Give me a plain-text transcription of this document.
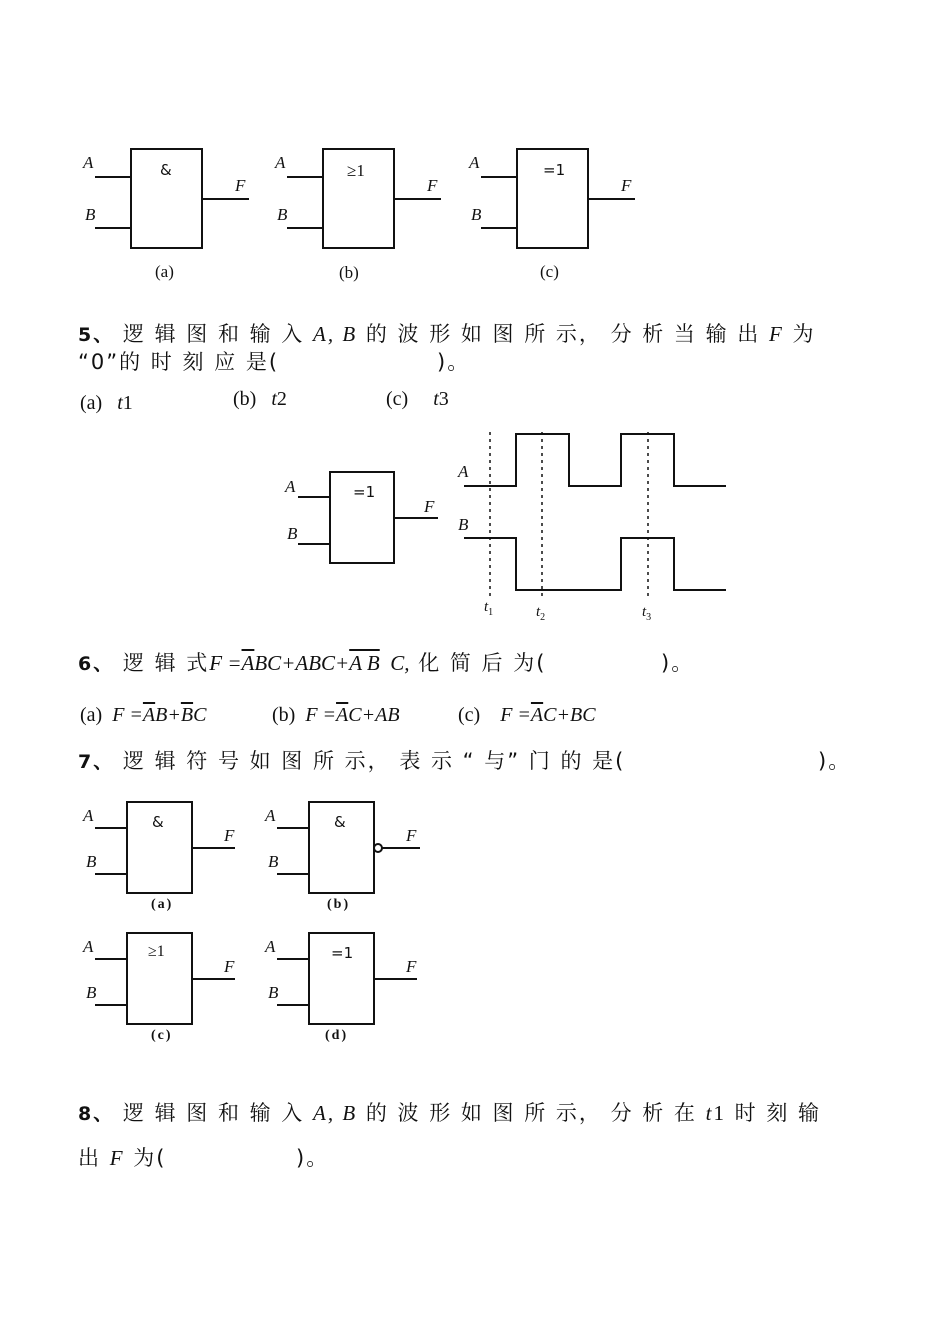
A
B
F
&
(a)
A
B
F
≥1
(b)
A
B
F
=1
(c)
5、 逻 辑 图 和 输 入 A, B 的 波 形 如 图 所 示， 分 析 当 输 出 F 为
“0”的 时 刻 应 是(	)。
(a) t1	(b) t2	(c) t3
A
B
F
=1
A
B
$t_1$	$t_2$	$t_3$
6、 逻 辑 式$F =\overline{A}BC+ABC+A$ B C, 化 简 后 为(	)。
(a) $F =\overline{A}B+\overline{B}C$	(b) $F =\overline{A}C+AB$	(c) $F =\overline{A}C+BC$
7、 逻 辑 符 号 如 图 所 示， 表 示 “ 与” 门 的 是(	)。
A
B
F
&
(a)
A
B
F
&
(b)
A
B
F
≥1
(c)
A
B
F
=1
(d)
8、 逻 辑 图 和 输 入 A, B 的 波 形 如 图 所 示， 分 析 在 t1 时 刻 输
出 F 为(	)。
